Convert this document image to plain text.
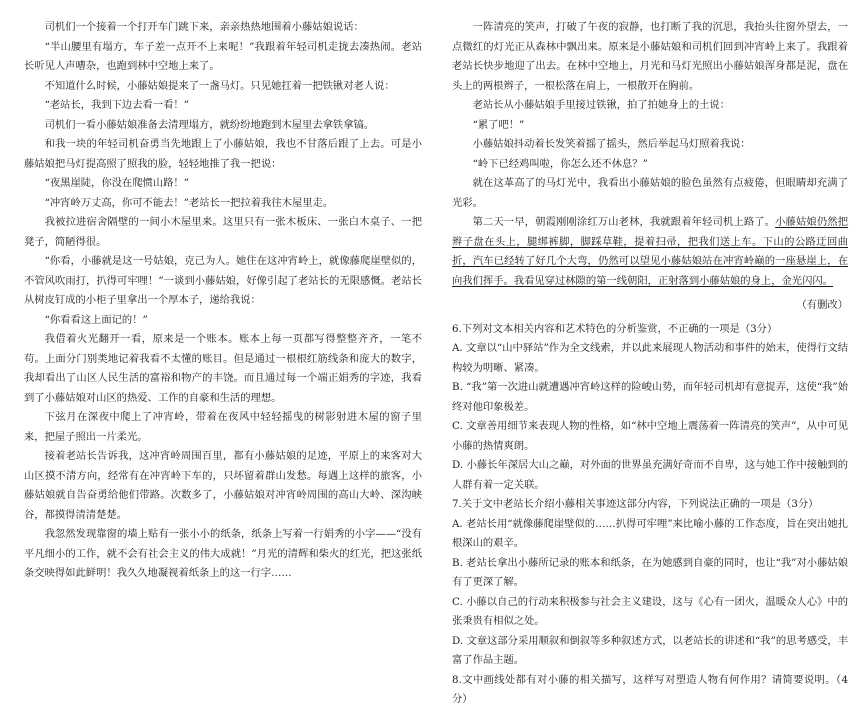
司机们一个接着一个打开车门跳下来，亲亲热热地围着小藤姑娘说话：

“半山腰里有塌方，车子差一点开不上来呢！”我跟着年轻司机走拢去凑热闹。老站长听见人声嘈杂，也跑到林中空地上来了。

不知道什么时候，小藤姑娘提来了一盏马灯。只见她扛着一把铁锹对老人说：

“老站长，我到下边去看一看！”

司机们一看小藤姑娘准备去清理塌方，就纷纷地跑到木屋里去拿铁拿镐。

和我一块的年轻司机奋勇当先地跟上了小藤姑娘，我也不甘落后跟了上去。可是小藤姑娘把马灯提高照了照我的脸，轻轻地推了我一把说：

“夜黑崖陡，你没在爬惯山路！”

“冲宵岭万丈高，你可不能去！”老站长一把拉着我往木屋里走。

我被拉进宿舍隔壁的一间小木屋里来。这里只有一张木板床、一张白木桌子、一把凳子，简陋得很。

“你看，小藤就是这一号姑娘，克己为人。她住在这冲宵岭上，就像藤爬崖壁似的，不管风吹雨打，扒得可牢哩！”一谈到小藤姑娘，好像引起了老站长的无限感慨。老站长从树皮钉成的小柜子里拿出一个厚本子，递给我说：

“你看看这上面记的！”

我借着火光翻开一看，原来是一个账本。账本上每一页都写得整整齐齐，一笔不苟。上面分门别类地记着我看不太懂的账目。但是通过一根根红筋线条和庞大的数字，我却看出了山区人民生活的富裕和物产的丰饶。而且通过每一个端正娟秀的字迹，我看到了小藤姑娘对山区的热爱、工作的自豪和生活的理想。

下弦月在深夜中爬上了冲宵岭，带着在夜风中轻轻摇曳的树影射进木屋的窗子里来，把屋子照出一片柔光。

接着老站长告诉我，这冲宵岭周围百里，都有小藤姑娘的足迹，平原上的来客对大山区摸不清方向，经常有在冲宵岭下车的，只坏留着群山发愁。每遇上这样的旅客，小藤姑娘就自告奋勇给他们带路。次数多了，小藤姑娘对冲宵岭周围的高山大岭、深沟峡谷，都摸得清清楚楚。

我忽然发现靠窗的墙上贴有一张小小的纸条，纸条上写着一行娟秀的小字——“没有平凡细小的工作，就不会有社会主义的伟大成就！”月光的清辉和柴火的红光，把这张纸条交映得如此鲜明！我久久地凝视着纸条上的这一行字……

一阵清亮的笑声，打破了午夜的寂静，也打断了我的沉思，我抬头往窗外望去，一点微红的灯光正从森林中飘出来。原来是小藤姑娘和司机们回到冲宵岭上来了。我跟着老站长快步地迎了出去。在林中空地上，月光和马灯光照出小藤姑娘浑身都是泥，盘在头上的两根辫子，一根松落在肩上，一根散开在胸前。

老站长从小藤姑娘手里接过铁锹，拍了拍她身上的土说：

“累了吧！”

小藤姑娘抖动着长发笑着摇了摇头，然后举起马灯照着我说：

“岭下已经鸡叫啦，你怎么还不休息？”

就在这革高了的马灯光中，我看出小藤姑娘的脸色虽然有点疲倦，但眼睛却充满了光彩。

第二天一早，朝霞刚刚涂红万山老林，我就跟着年轻司机上路了。小藤姑娘仍然把辫子盘在头上，腿绑裤脚，脚踩草鞋，提着扫帚，把我们送上车。下山的公路迂回曲折，汽车已经转了好几个大弯，仍然可以望见小藤姑娘站在冲宵岭巅的一座悬崖上，在向我们挥手。我看见穿过林隙的第一线朝阳，正射落到小藤姑娘的身上，金光闪闪。

（有删改）

6.下列对文本相关内容和艺术特色的分析鉴赏，不正确的一项是（3分）

A. 文章以“山中驿站”作为全文线索，并以此来展现人物活动和事件的始末，使得行文结构较为明晰、紧凑。

B. “我”第一次进山就遭遇冲宵岭这样的险峻山势，而年轻司机却有意捉弄，这使“我”始终对他印象极差。

C. 文章善用细节来表现人物的性格，如“林中空地上震荡着一阵清亮的笑声”，从中可见小藤的热情爽朗。

D. 小藤长年深居大山之巅，对外面的世界虽充满好奇而不自卑，这与她工作中接触到的人群有着一定关联。

7.关于文中老站长介绍小藤相关事迹这部分内容，下列说法正确的一项是（3分）

A. 老站长用“就像藤爬崖壁似的……扒得可牢哩”来比喻小藤的工作态度，旨在突出她扎根深山的艰辛。

B. 老站长拿出小藤所记录的账本和纸条，在为她感到自豪的同时，也让“我”对小藤姑娘有了更深了解。

C. 小藤以自己的行动来积极参与社会主义建设，这与《心有一团火，温暖众人心》中的张秉贵有相似之处。

D. 文章这部分采用顺叙和倒叙等多种叙述方式，以老站长的讲述和“我”的思考感受，丰富了作品主题。

8.文中画线处都有对小藤的相关描写，这样写对塑造人物有何作用？请简要说明。（4分）
